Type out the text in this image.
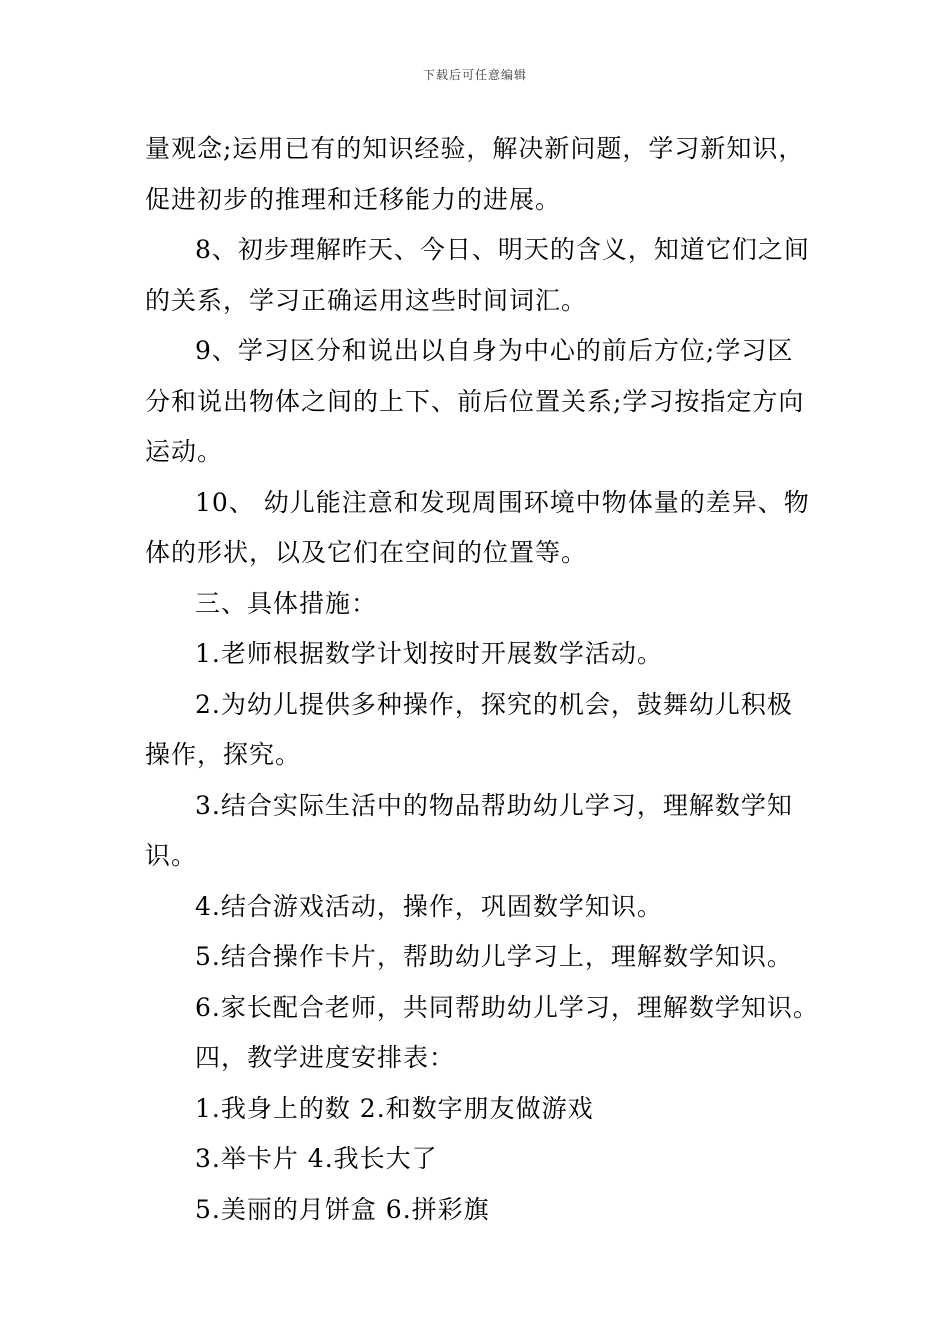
下载后可任意编辑
量观念;运用已有的知识经验，解决新问题，学习新知识，
促进初步的推理和迁移能力的进展。
8、初步理解昨天、今日、明天的含义，知道它们之间
的关系，学习正确运用这些时间词汇。
9、学习区分和说出以自身为中心的前后方位;学习区
分和说出物体之间的上下、前后位置关系;学习按指定方向
运动。
10、 幼儿能注意和发现周围环境中物体量的差异、物
体的形状，以及它们在空间的位置等。
三、具体措施：
1.老师根据数学计划按时开展数学活动。
2.为幼儿提供多种操作，探究的机会，鼓舞幼儿积极
操作，探究。
3.结合实际生活中的物品帮助幼儿学习，理解数学知
识。
4.结合游戏活动，操作，巩固数学知识。
5.结合操作卡片，帮助幼儿学习上，理解数学知识。
6.家长配合老师，共同帮助幼儿学习，理解数学知识。
四，教学进度安排表：
1.我身上的数 2.和数字朋友做游戏
3.举卡片 4.我长大了
5.美丽的月饼盒 6.拼彩旗
